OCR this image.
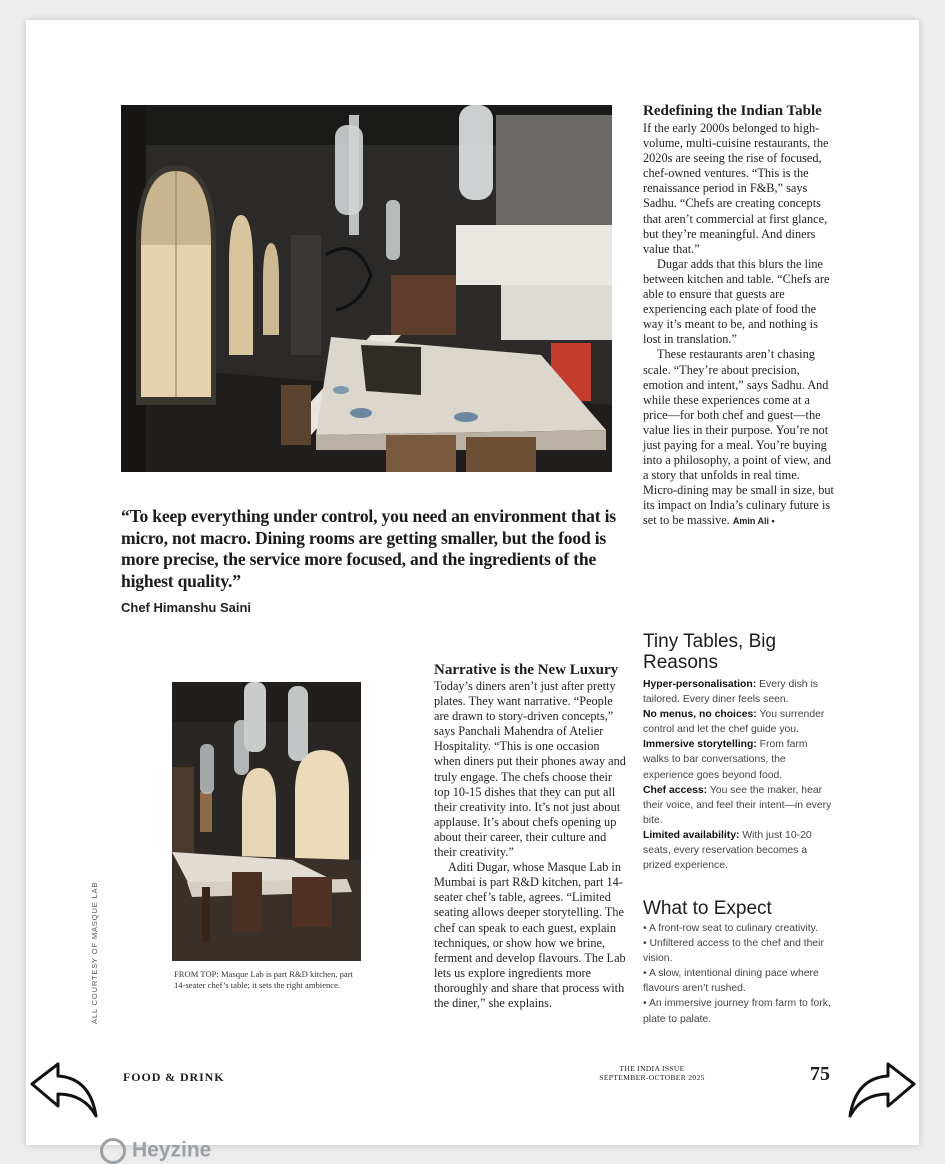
Redefining the Indian Table
If the early 2000s belonged to high-volume, multi-cuisine restaurants, the 2020s are seeing the rise of focused, chef-owned ventures. “This is the renaissance period in F&B,” says Sadhu. “Chefs are creating concepts that aren’t commercial at first glance, but they’re meaningful. And diners value that.”
Dugar adds that this blurs the line between kitchen and table. “Chefs are able to ensure that guests are experiencing each plate of food the way it’s meant to be, and nothing is lost in translation.”
These restaurants aren’t chasing scale. “They’re about precision, emotion and intent,” says Sadhu. And while these experiences come at a price—for both chef and guest—the value lies in their purpose. You’re not just paying for a meal. You’re buying into a philosophy, a point of view, and a story that unfolds in real time. Micro-dining may be small in size, but its impact on India’s culinary future is set to be massive. Amin Ali •
“To keep everything under control, you need an environment that is micro, not macro. Dining rooms are getting smaller, but the food is more precise, the service more focused, and the ingredients of the highest quality.”
Chef Himanshu Saini
Narrative is the New Luxury
Today’s diners aren’t just after pretty plates. They want narrative. “People are drawn to story-driven concepts,” says Panchali Mahendra of Atelier Hospitality. “This is one occasion when diners put their phones away and truly engage. The chefs choose their top 10-15 dishes that they can put all their creativity into. It’s not just about applause. It’s about chefs opening up about their career, their culture and their creativity.”
Aditi Dugar, whose Masque Lab in Mumbai is part R&D kitchen, part 14-seater chef’s table, agrees. “Limited seating allows deeper storytelling. The chef can speak to each guest, explain techniques, or show how we brine, ferment and develop flavours. The Lab lets us explore ingredients more thoroughly and share that process with the diner,” she explains.
FROM TOP: Masque Lab is part R&D kitchen, part 14-seater chef’s table; it sets the right ambience.
ALL COURTESY OF MASQUE LAB
Tiny Tables, Big Reasons
Hyper-personalisation: Every dish is tailored. Every diner feels seen.
No menus, no choices: You surrender control and let the chef guide you.
Immersive storytelling: From farm walks to bar conversations, the experience goes beyond food.
Chef access: You see the maker, hear their voice, and feel their intent—in every bite.
Limited availability: With just 10-20 seats, every reservation becomes a prized experience.
What to Expect
• A front-row seat to culinary creativity.
• Unfiltered access to the chef and their vision.
• A slow, intentional dining pace where flavours aren’t rushed.
• An immersive journey from farm to fork, plate to palate.
FOOD & DRINK
THE INDIA ISSUE
SEPTEMBER-OCTOBER 2025	75
Heyzine
